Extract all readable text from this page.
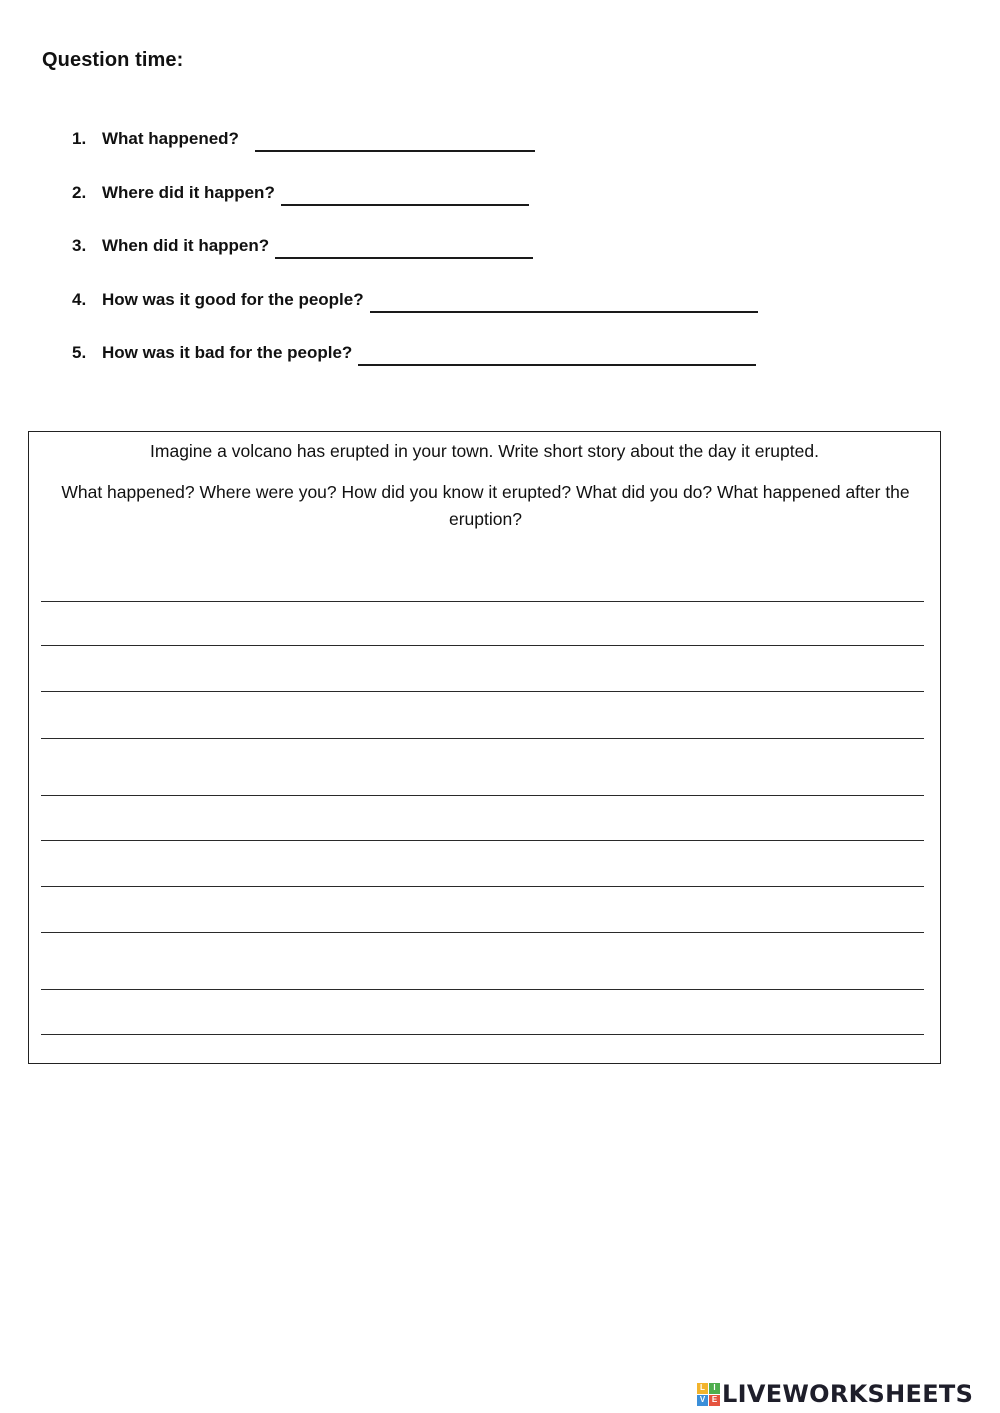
Question time:
1. What happened?
2. Where did it happen?
3. When did it happen?
4. How was it good for the people?
5. How was it bad for the people?
Imagine a volcano has erupted in your town. Write short story about the day it erupted.
What happened? Where were you? How did you know it erupted? What did you do? What happened after the eruption?
L	I
V E LIVEWORKSHEETS
